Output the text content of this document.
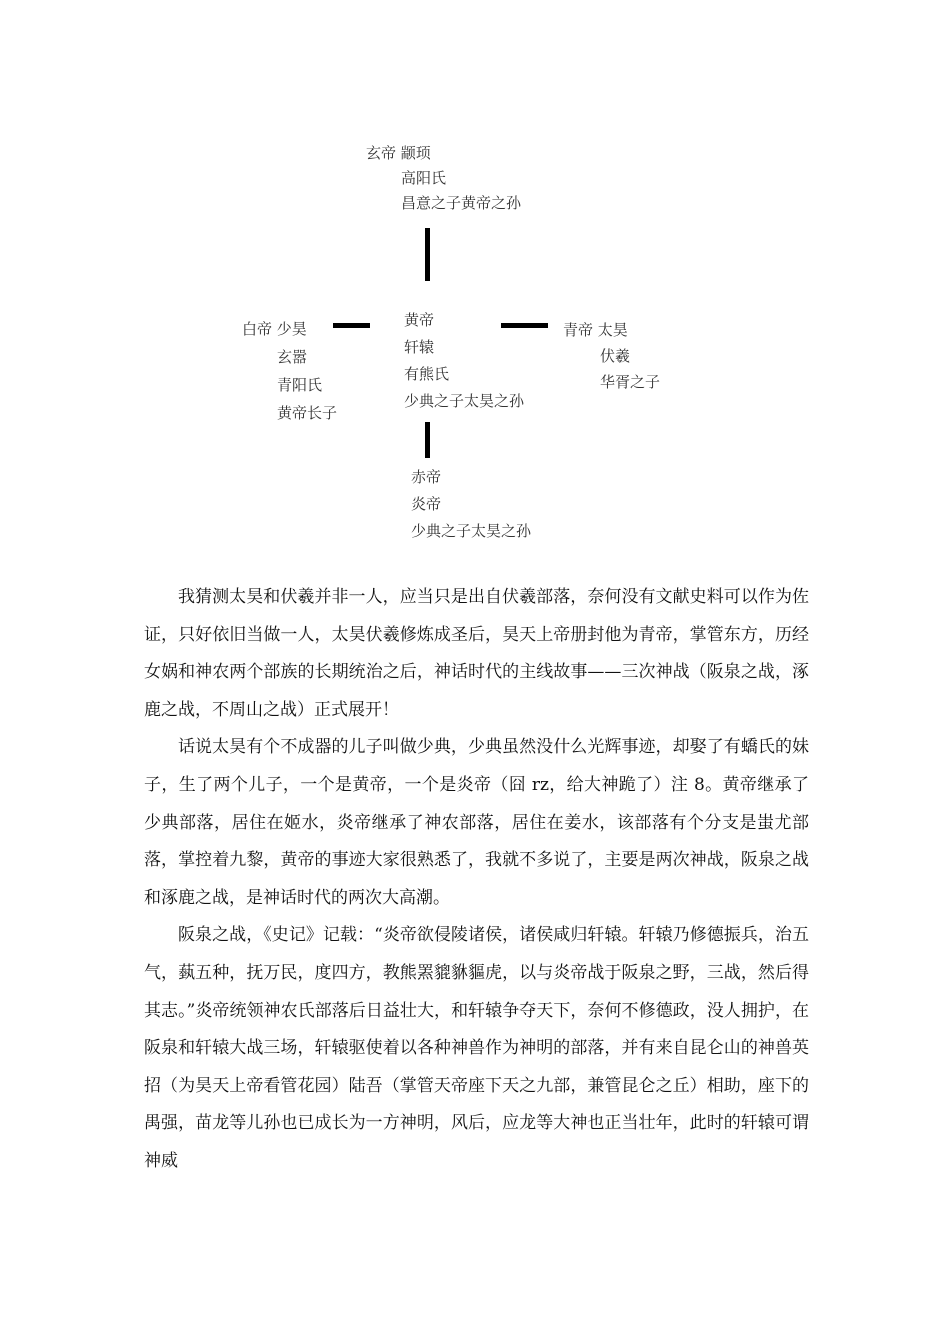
玄帝 颛顼
高阳氏
昌意之子黄帝之孙
黄帝
轩辕
有熊氏
少典之子太昊之孙
白帝 少昊
玄嚣
青阳氏
黄帝长子
青帝 太昊
伏羲
华胥之子
赤帝
炎帝
少典之子太昊之孙

我猜测太昊和伏羲并非一人，应当只是出自伏羲部落，奈何没有文献史料可以作为佐证，只好依旧当做一人，太昊伏羲修炼成圣后，昊天上帝册封他为青帝，掌管东方，历经女娲和神农两个部族的长期统治之后，神话时代的主线故事——三次神战（阪泉之战，涿鹿之战，不周山之战）正式展开！

话说太昊有个不成器的儿子叫做少典，少典虽然没什么光辉事迹，却娶了有蟜氏的妹子，生了两个儿子，一个是黄帝，一个是炎帝（囧 rz，给大神跪了）注 8。黄帝继承了少典部落，居住在姬水，炎帝继承了神农部落，居住在姜水，该部落有个分支是蚩尤部落，掌控着九黎，黄帝的事迹大家很熟悉了，我就不多说了，主要是两次神战，阪泉之战和涿鹿之战，是神话时代的两次大高潮。

阪泉之战，《史记》记载：“炎帝欲侵陵诸侯，诸侯咸归轩辕。轩辕乃修德振兵，治五气，蓺五种，抚万民，度四方，教熊罴貔貅貙虎，以与炎帝战于阪泉之野，三战，然后得其志。”炎帝统领神农氏部落后日益壮大，和轩辕争夺天下，奈何不修德政，没人拥护，在阪泉和轩辕大战三场，轩辕驱使着以各种神兽作为神明的部落，并有来自昆仑山的神兽英招（为昊天上帝看管花园）陆吾（掌管天帝座下天之九部，兼管昆仑之丘）相助，座下的禺强，苗龙等儿孙也已成长为一方神明，风后，应龙等大神也正当壮年，此时的轩辕可谓神威
